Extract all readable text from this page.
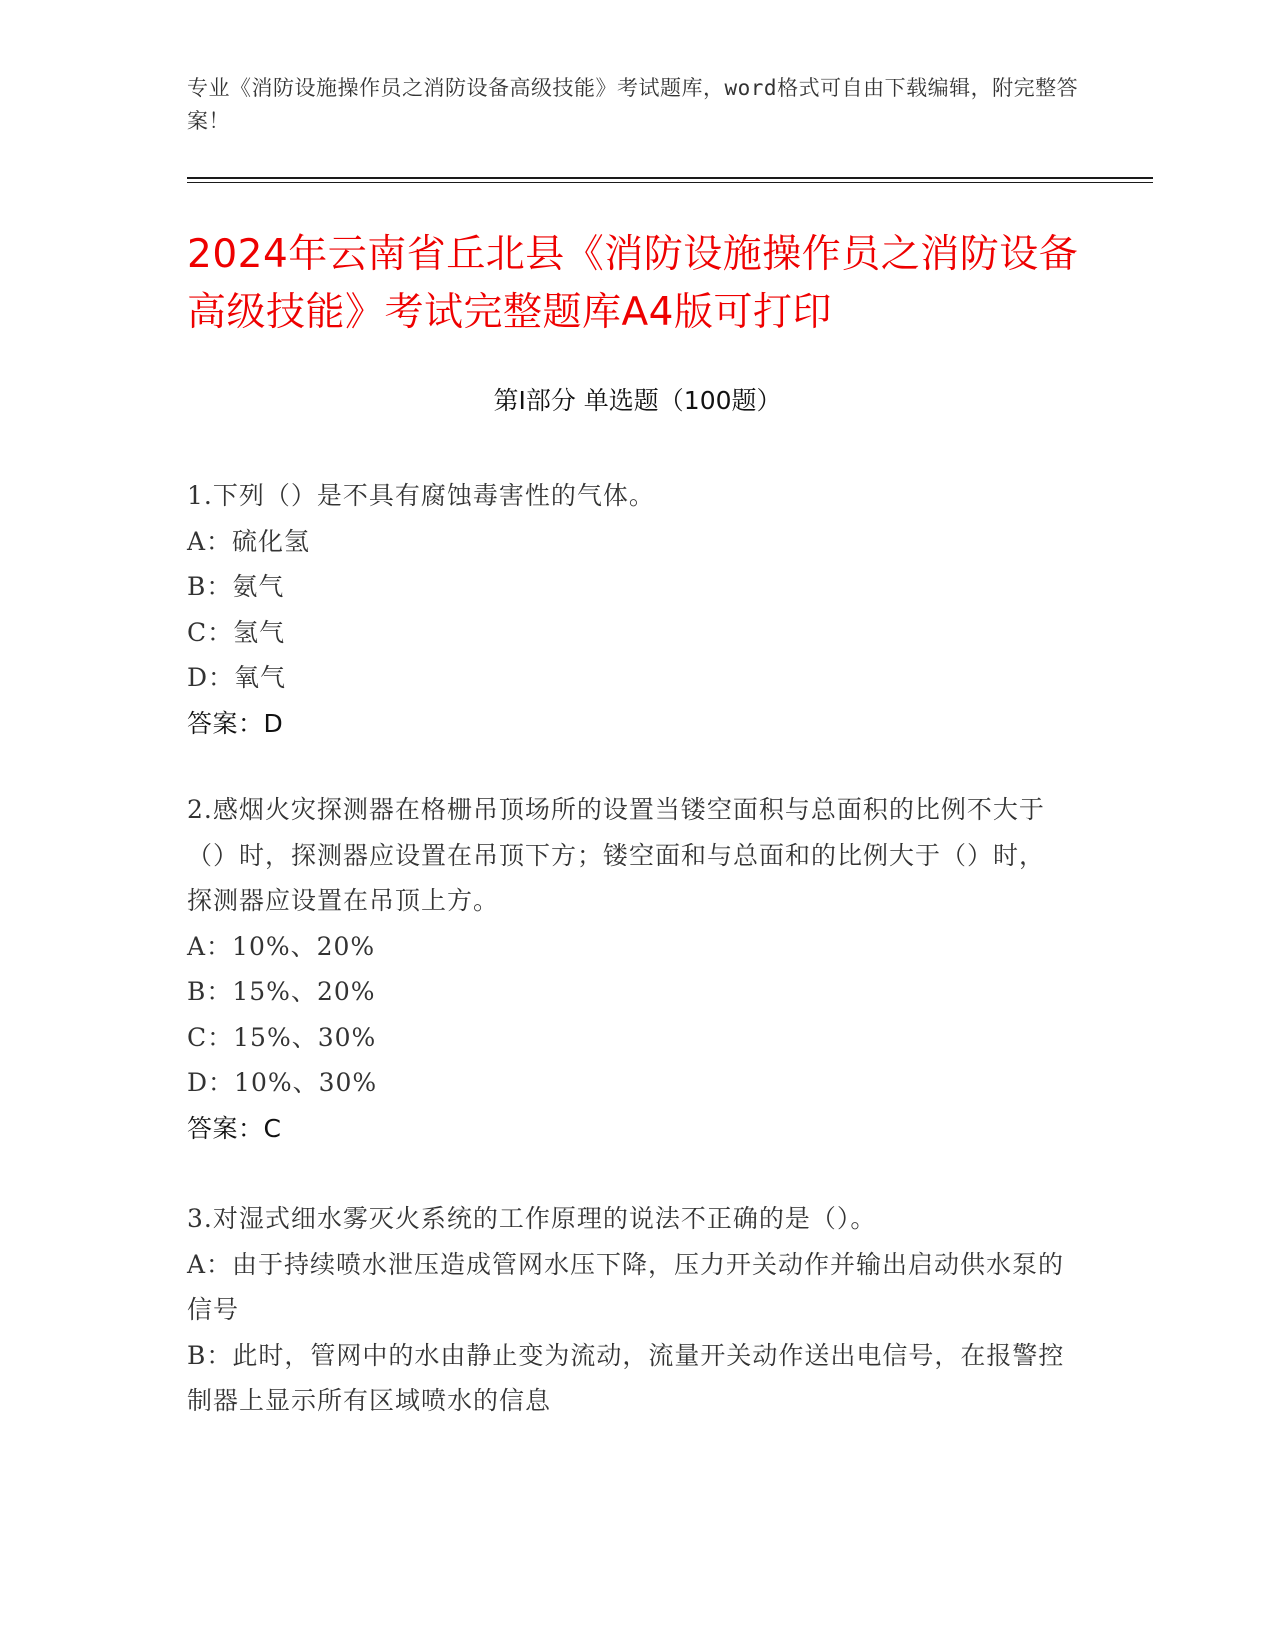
专业《消防设施操作员之消防设备高级技能》考试题库，word格式可自由下载编辑，附完整答案！
2024年云南省丘北县《消防设施操作员之消防设备高级技能》考试完整题库A4版可打印
第I部分 单选题（100题）
1.下列（）是不具有腐蚀毒害性的气体。
A：硫化氢
B：氨气
C：氢气
D：氧气
答案：D
2.感烟火灾探测器在格栅吊顶场所的设置当镂空面积与总面积的比例不大于（）时，探测器应设置在吊顶下方；镂空面和与总面和的比例大于（）时，探测器应设置在吊顶上方。
A：10%、20%
B：15%、20%
C：15%、30%
D：10%、30%
答案：C
3.对湿式细水雾灭火系统的工作原理的说法不正确的是（）。
A：由于持续喷水泄压造成管网水压下降，压力开关动作并输出启动供水泵的信号
B：此时，管网中的水由静止变为流动，流量开关动作送出电信号，在报警控制器上显示所有区域喷水的信息
